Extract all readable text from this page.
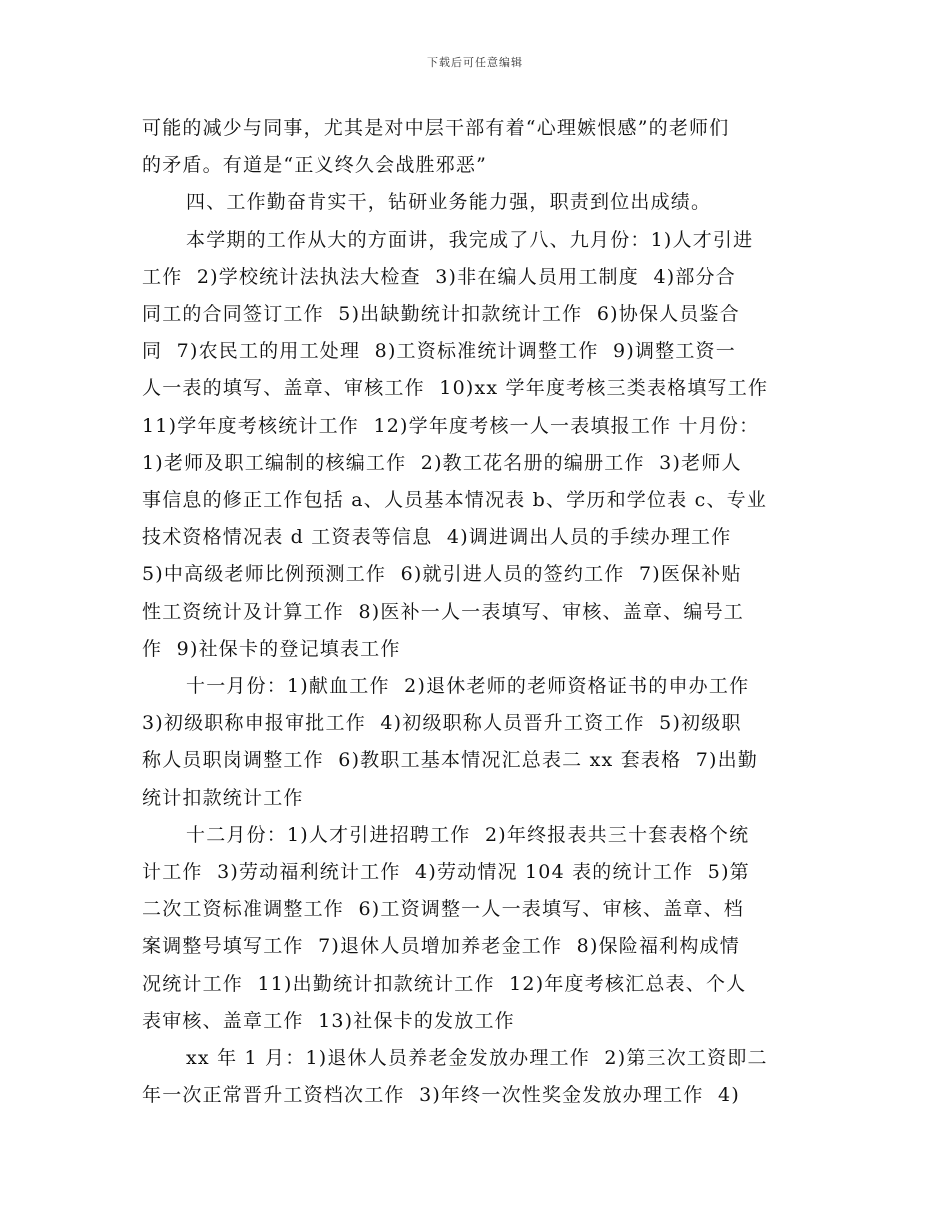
下载后可任意编辑
可能的减少与同事，尤其是对中层干部有着“心理嫉恨感”的老师们
的矛盾。有道是“正义终久会战胜邪恶”
四、工作勤奋肯实干，钻研业务能力强，职责到位出成绩。
本学期的工作从大的方面讲，我完成了八、九月份：1)人才引进
工作  2)学校统计法执法大检查  3)非在编人员用工制度  4)部分合
同工的合同签订工作  5)出缺勤统计扣款统计工作  6)协保人员鉴合
同  7)农民工的用工处理  8)工资标准统计调整工作  9)调整工资一
人一表的填写、盖章、审核工作  10)xx 学年度考核三类表格填写工作
11)学年度考核统计工作  12)学年度考核一人一表填报工作 十月份：
1)老师及职工编制的核编工作  2)教工花名册的编册工作  3)老师人
事信息的修正工作包括 a、人员基本情况表 b、学历和学位表 c、专业
技术资格情况表 d 工资表等信息  4)调进调出人员的手续办理工作
5)中高级老师比例预测工作  6)就引进人员的签约工作  7)医保补贴
性工资统计及计算工作  8)医补一人一表填写、审核、盖章、编号工
作  9)社保卡的登记填表工作
十一月份：1)献血工作  2)退休老师的老师资格证书的申办工作
3)初级职称申报审批工作  4)初级职称人员晋升工资工作  5)初级职
称人员职岗调整工作  6)教职工基本情况汇总表二 xx 套表格  7)出勤
统计扣款统计工作
十二月份：1)人才引进招聘工作  2)年终报表共三十套表格个统
计工作  3)劳动福利统计工作  4)劳动情况 104 表的统计工作  5)第
二次工资标准调整工作  6)工资调整一人一表填写、审核、盖章、档
案调整号填写工作  7)退休人员增加养老金工作  8)保险福利构成情
况统计工作  11)出勤统计扣款统计工作  12)年度考核汇总表、个人
表审核、盖章工作  13)社保卡的发放工作
xx 年 1 月：1)退休人员养老金发放办理工作  2)第三次工资即二
年一次正常晋升工资档次工作  3)年终一次性奖金发放办理工作  4)
